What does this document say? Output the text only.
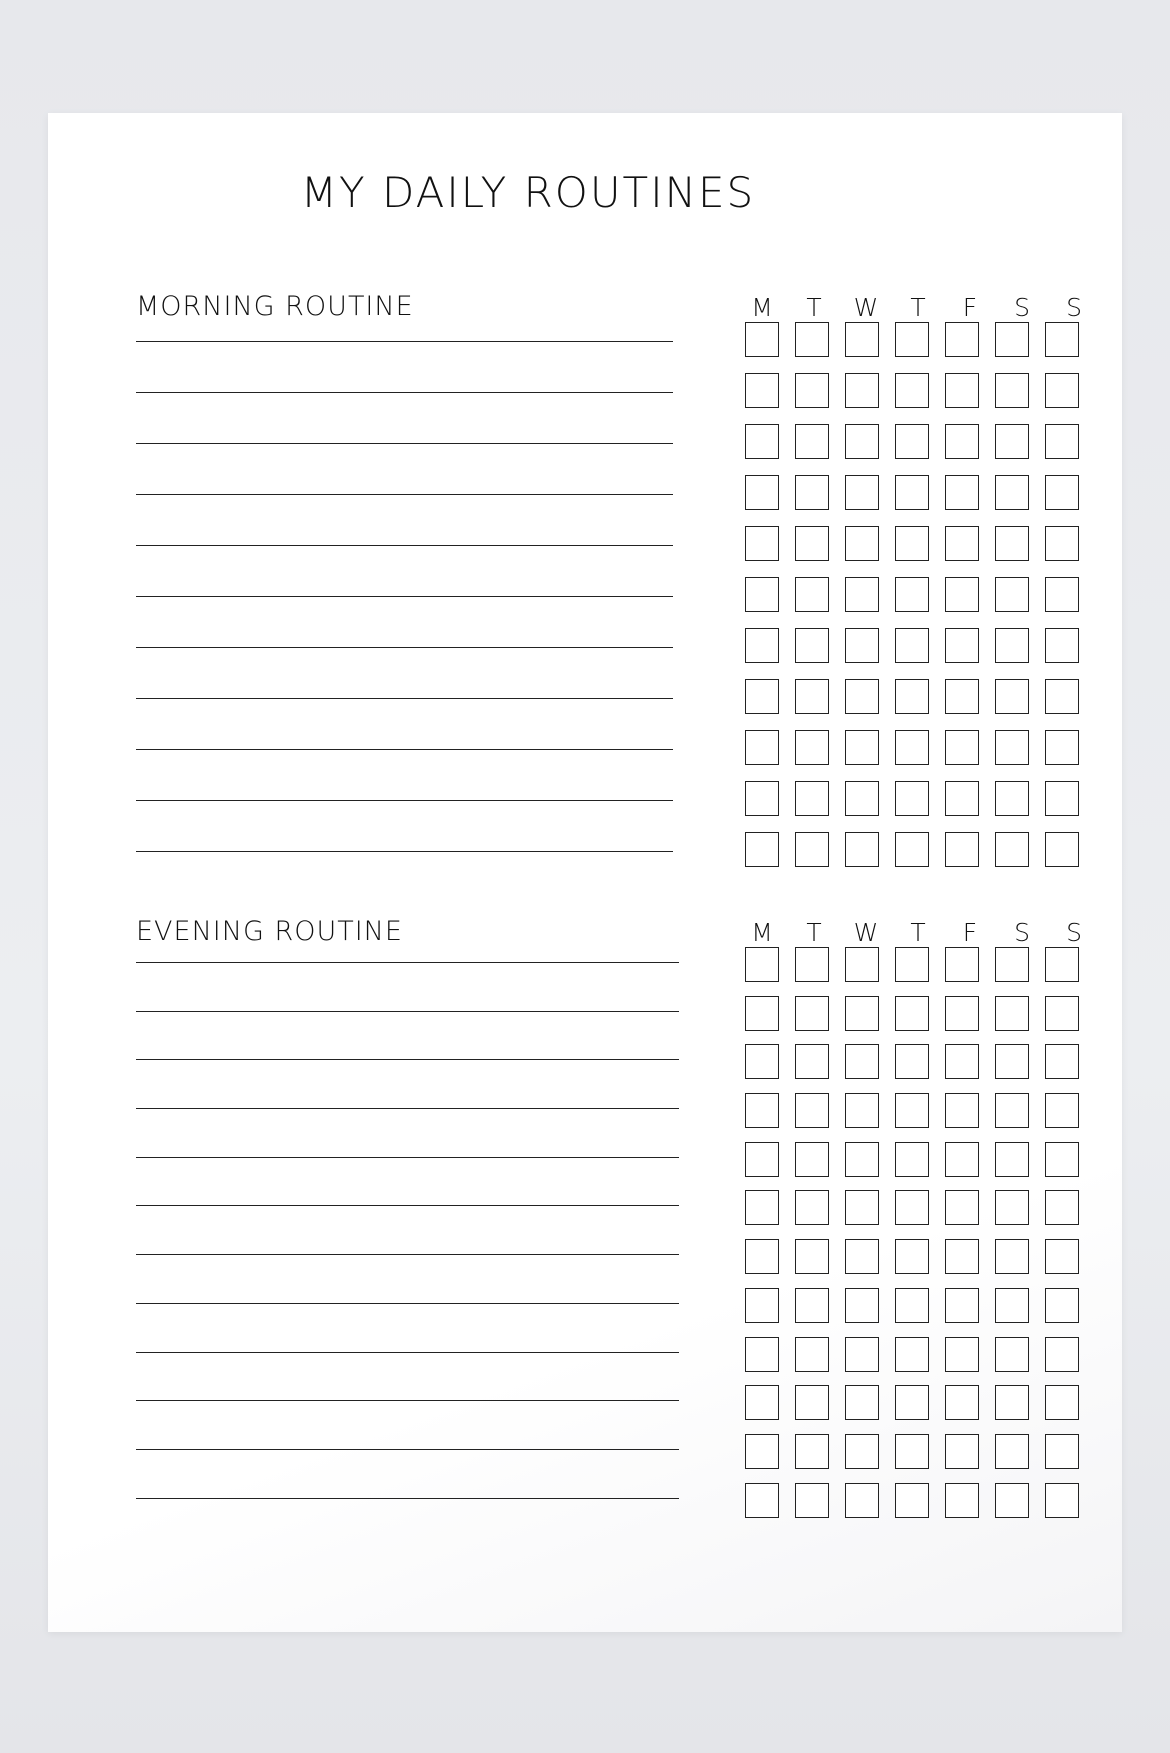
MY DAILY ROUTINES
MORNING ROUTINE	M	T	W	T	F	S	S
EVENING ROUTINE	M	T	W	T	F	S	S
